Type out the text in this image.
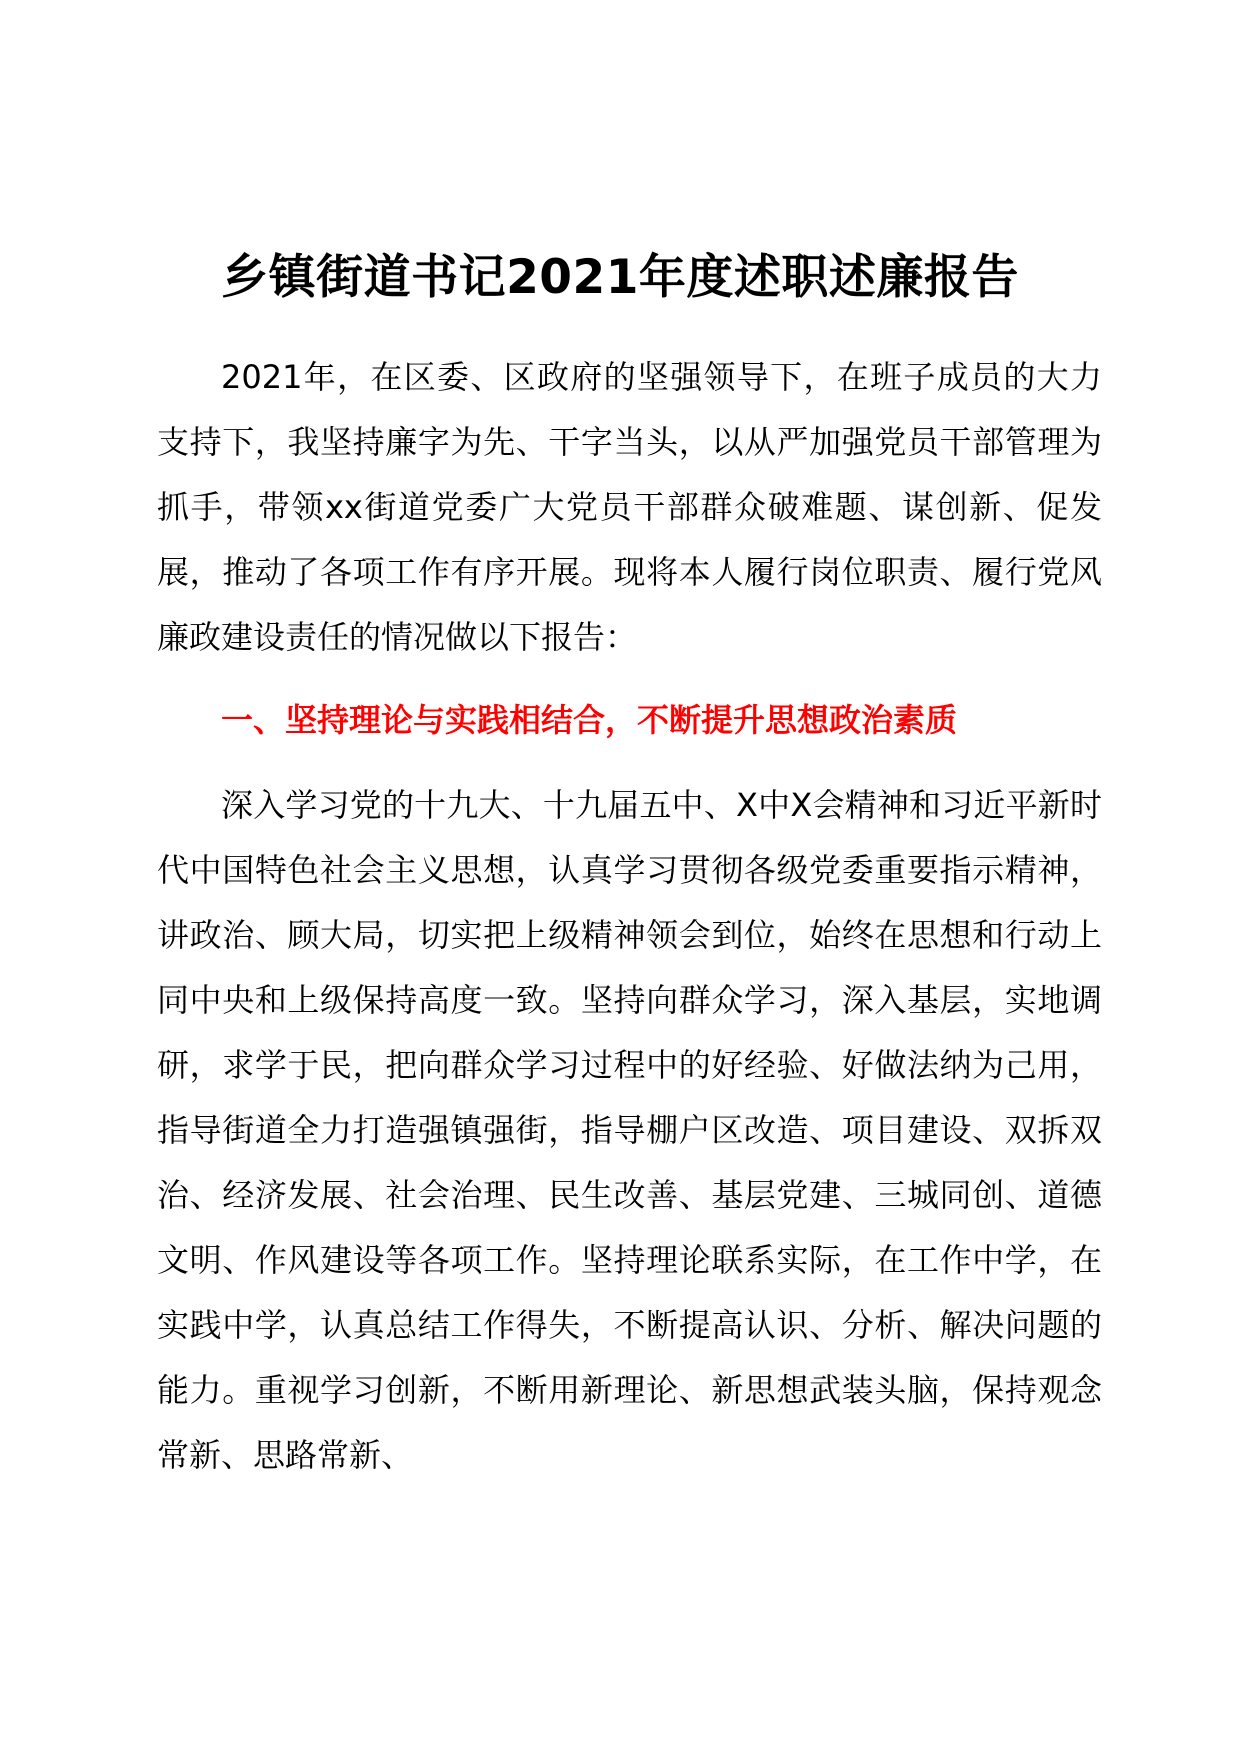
乡镇街道书记2021年度述职述廉报告

2021年，在区委、区政府的坚强领导下，在班子成员的大力支持下，我坚持廉字为先、干字当头，以从严加强党员干部管理为抓手，带领xx街道党委广大党员干部群众破难题、谋创新、促发展，推动了各项工作有序开展。现将本人履行岗位职责、履行党风廉政建设责任的情况做以下报告：

一、坚持理论与实践相结合，不断提升思想政治素质

深入学习党的十九大、十九届五中、X中X会精神和习近平新时代中国特色社会主义思想，认真学习贯彻各级党委重要指示精神，讲政治、顾大局，切实把上级精神领会到位，始终在思想和行动上同中央和上级保持高度一致。坚持向群众学习，深入基层，实地调研，求学于民，把向群众学习过程中的好经验、好做法纳为己用，指导街道全力打造强镇强街，指导棚户区改造、项目建设、双拆双治、经济发展、社会治理、民生改善、基层党建、三城同创、道德文明、作风建设等各项工作。坚持理论联系实际，在工作中学，在实践中学，认真总结工作得失，不断提高认识、分析、解决问题的能力。重视学习创新，不断用新理论、新思想武装头脑，保持观念常新、思路常新、
